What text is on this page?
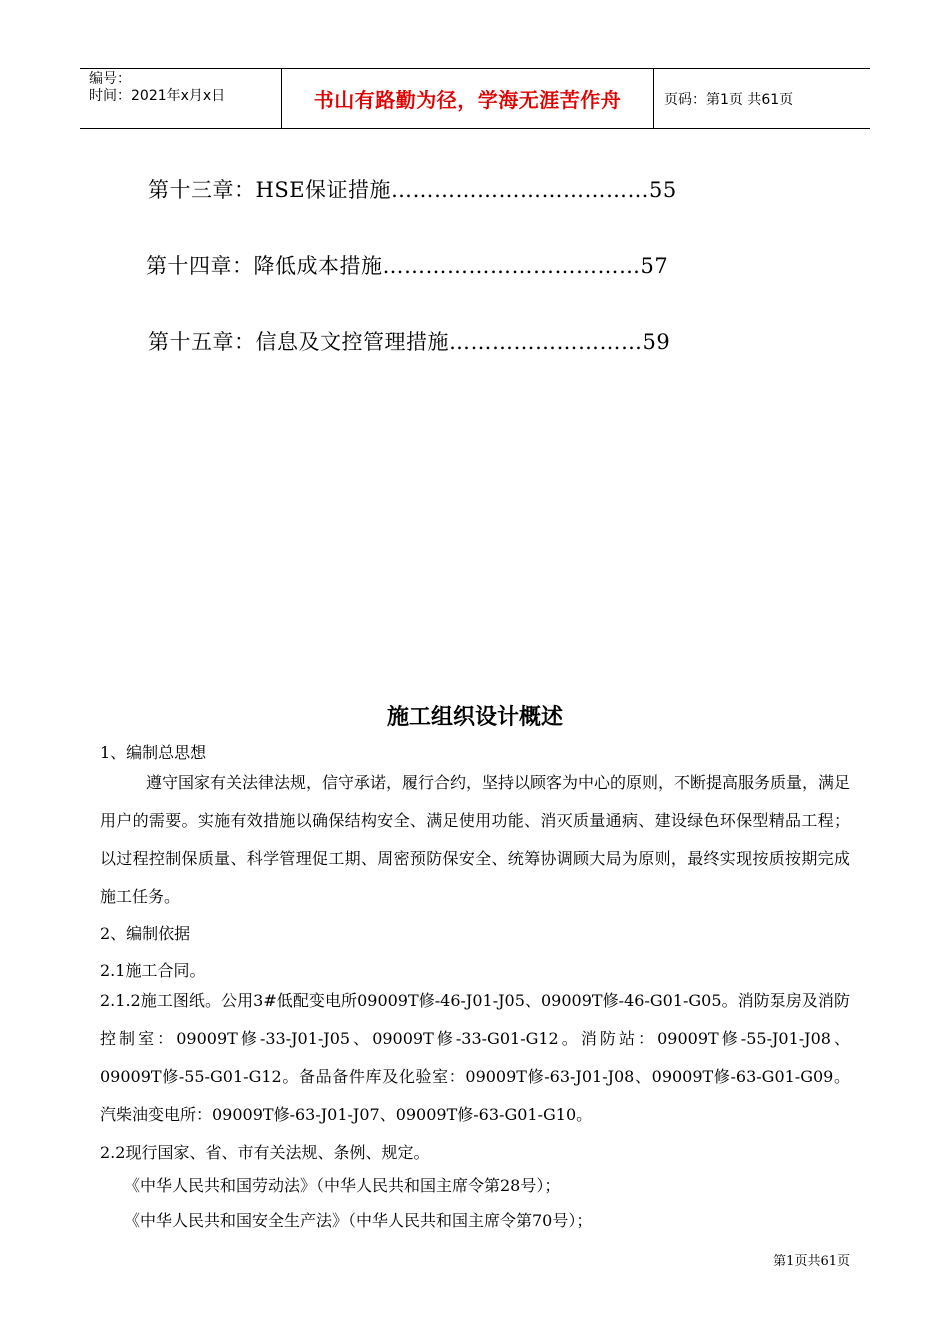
编号：
时间：2021年x月x日	书山有路勤为径，学海无涯苦作舟	页码：第1页 共61页
第十三章：HSE保证措施………………………………55
第十四章：降低成本措施………………………………57
第十五章：信息及文控管理措施………………………59
施工组织设计概述
1、编制总思想

遵守国家有关法律法规，信守承诺，履行合约，坚持以顾客为中心的原则，不断提高服务质量，满足用户的需要。实施有效措施以确保结构安全、满足使用功能、消灭质量通病、建设绿色环保型精品工程；以过程控制保质量、科学管理促工期、周密预防保安全、统筹协调顾大局为原则，最终实现按质按期完成施工任务。

2、编制依据
2.1施工合同。

2.1.2施工图纸。公用3#低配变电所09009T修-46-J01-J05、09009T修-46-G01-G05。消防泵房及消防控制室：09009T修-33-J01-J05、09009T修-33-G01-G12。消防站：09009T修-55-J01-J08、09009T修-55-G01-G12。备品备件库及化验室：09009T修-63-J01-J08、09009T修-63-G01-G09。汽柴油变电所：09009T修-63-J01-J07、09009T修-63-G01-G10。

2.2现行国家、省、市有关法规、条例、规定。
《中华人民共和国劳动法》（中华人民共和国主席令第28号）；
《中华人民共和国安全生产法》（中华人民共和国主席令第70号）；
第1页共61页
